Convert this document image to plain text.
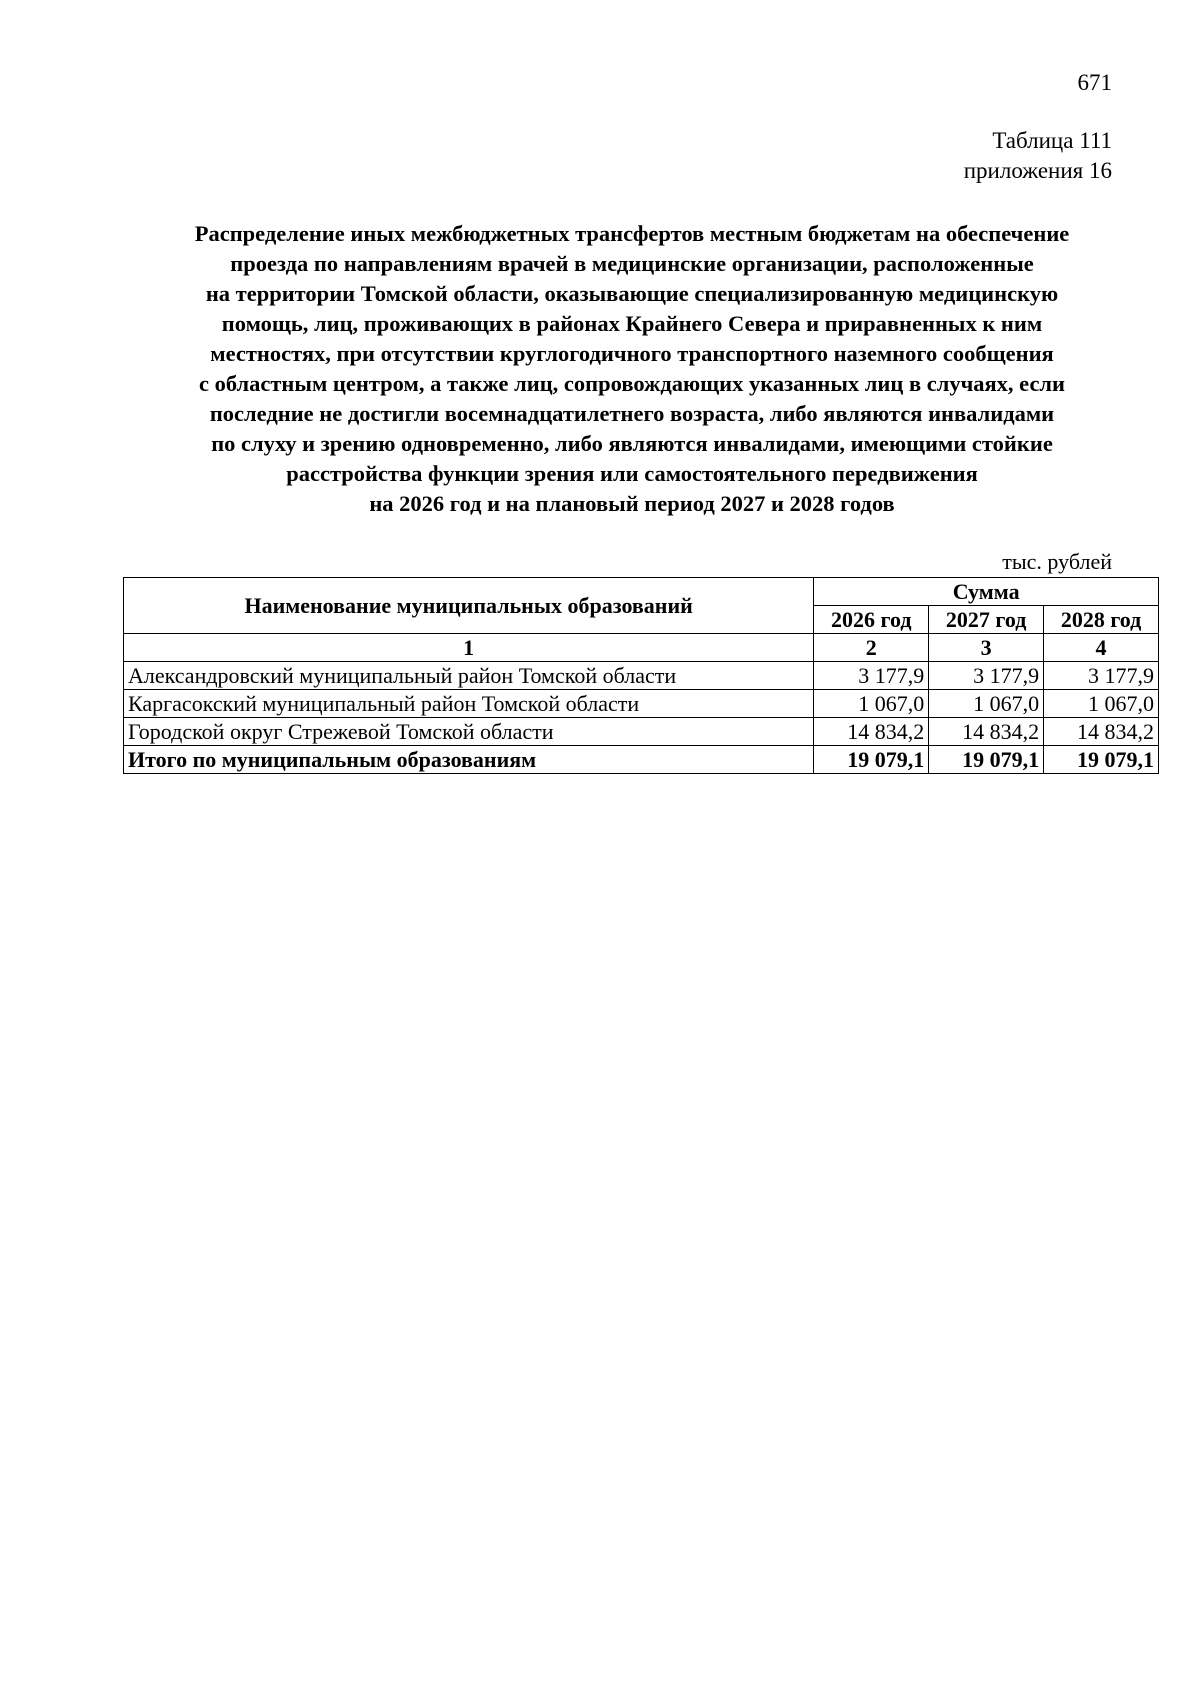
671
Таблица 111
приложения 16
Распределение иных межбюджетных трансфертов местным бюджетам на обеспечение
проезда по направлениям врачей в медицинские организации, расположенные
на территории Томской области, оказывающие специализированную медицинскую
помощь, лиц, проживающих в районах Крайнего Севера и приравненных к ним
местностях, при отсутствии круглогодичного транспортного наземного сообщения
с областным центром, а также лиц, сопровождающих указанных лиц в случаях, если
последние не достигли восемнадцатилетнего возраста, либо являются инвалидами
по слуху и зрению одновременно, либо являются инвалидами, имеющими стойкие
расстройства функции зрения или самостоятельного передвижения
на 2026 год и на плановый период 2027 и 2028 годов
тыс. рублей
Наименование муниципальных образований	Сумма		
	2026 год	2027 год	2028 год
1	2	3	4
Александровский муниципальный район Томской области	3 177,9	3 177,9	3 177,9
Каргасокский муниципальный район Томской области	1 067,0	1 067,0	1 067,0
Городской округ Стрежевой Томской области	14 834,2	14 834,2	14 834,2
Итого по муниципальным образованиям	19 079,1	19 079,1	19 079,1
